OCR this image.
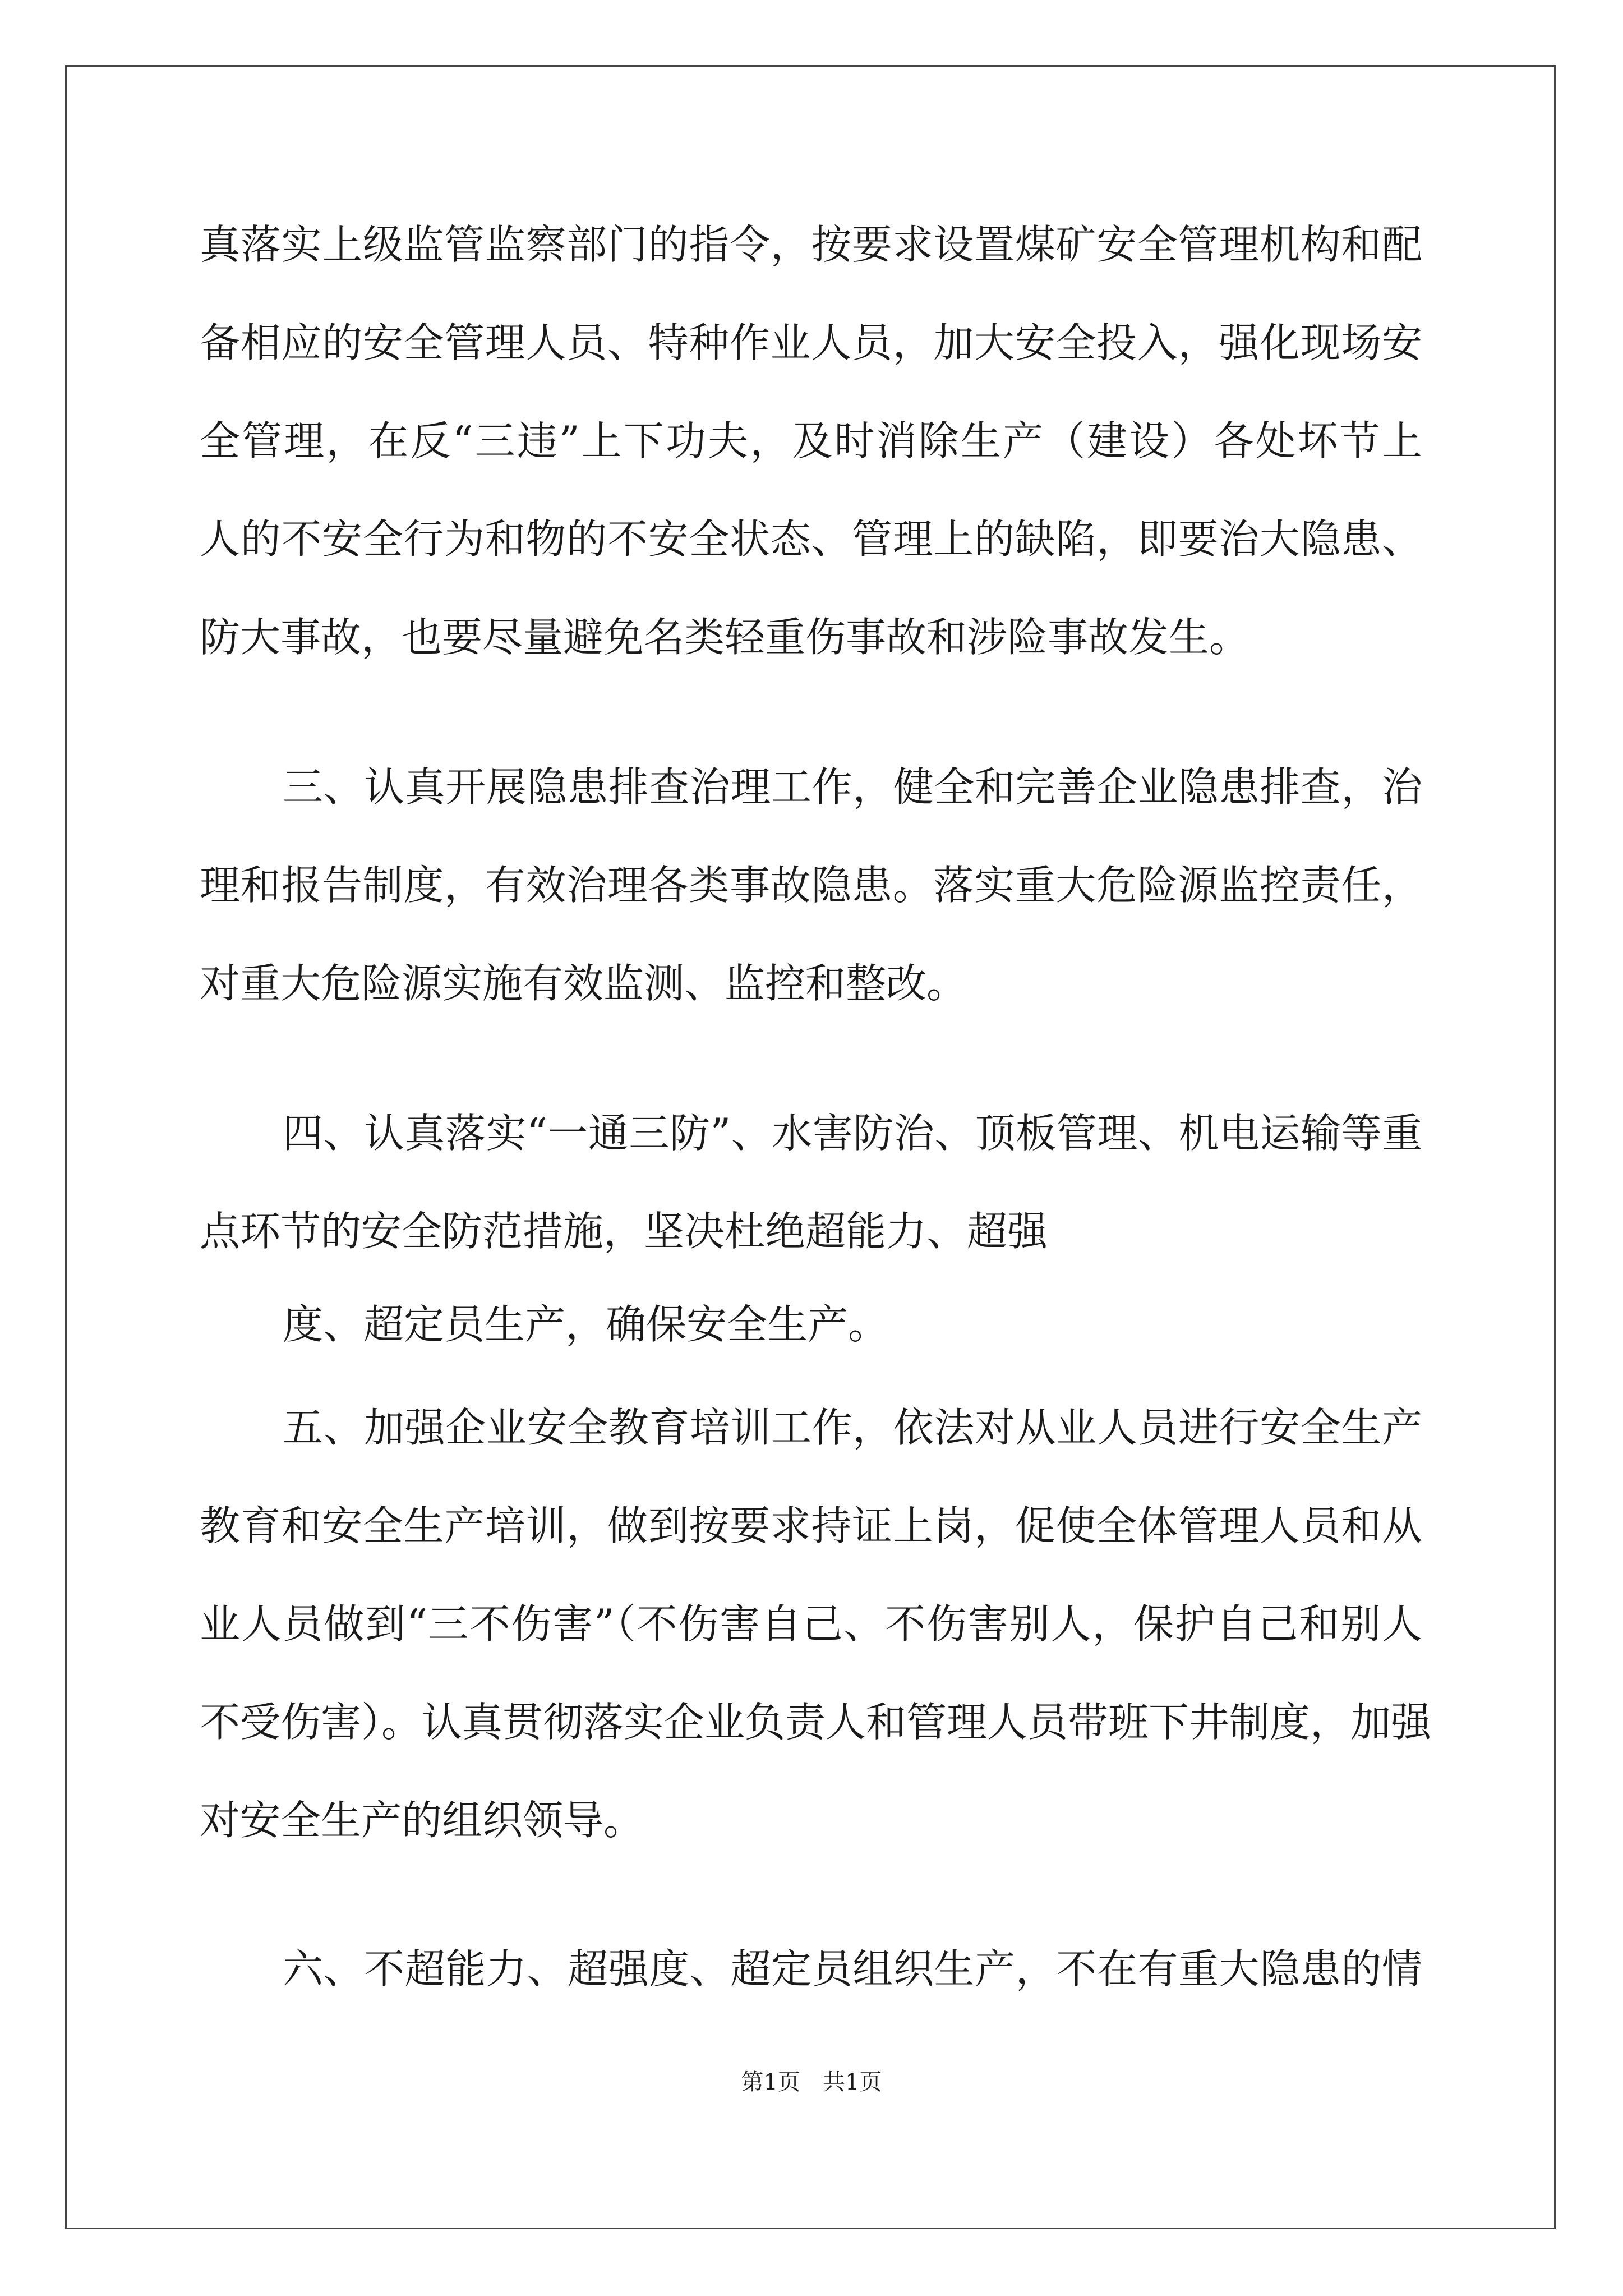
真落实上级监管监察部门的指令，按要求设置煤矿安全管理机构和配
备相应的安全管理人员、特种作业人员，加大安全投入，强化现场安
全管理，在反“三违”上下功夫，及时消除生产（建设）各处坏节上
人的不安全行为和物的不安全状态、管理上的缺陷，即要治大隐患、
防大事故，也要尽量避免名类轻重伤事故和涉险事故发生。
三、认真开展隐患排查治理工作，健全和完善企业隐患排查，治
理和报告制度，有效治理各类事故隐患。落实重大危险源监控责任，
对重大危险源实施有效监测、监控和整改。
四、认真落实“一通三防”、水害防治、顶板管理、机电运输等重
点环节的安全防范措施，坚决杜绝超能力、超强
度、超定员生产，确保安全生产。
五、加强企业安全教育培训工作，依法对从业人员进行安全生产
教育和安全生产培训，做到按要求持证上岗，促使全体管理人员和从
业人员做到“三不伤害”（不伤害自己、不伤害别人，保护自己和别人
不受伤害）。认真贯彻落实企业负责人和管理人员带班下井制度，加强
对安全生产的组织领导。
六、不超能力、超强度、超定员组织生产，不在有重大隐患的情
第1页　共1页
